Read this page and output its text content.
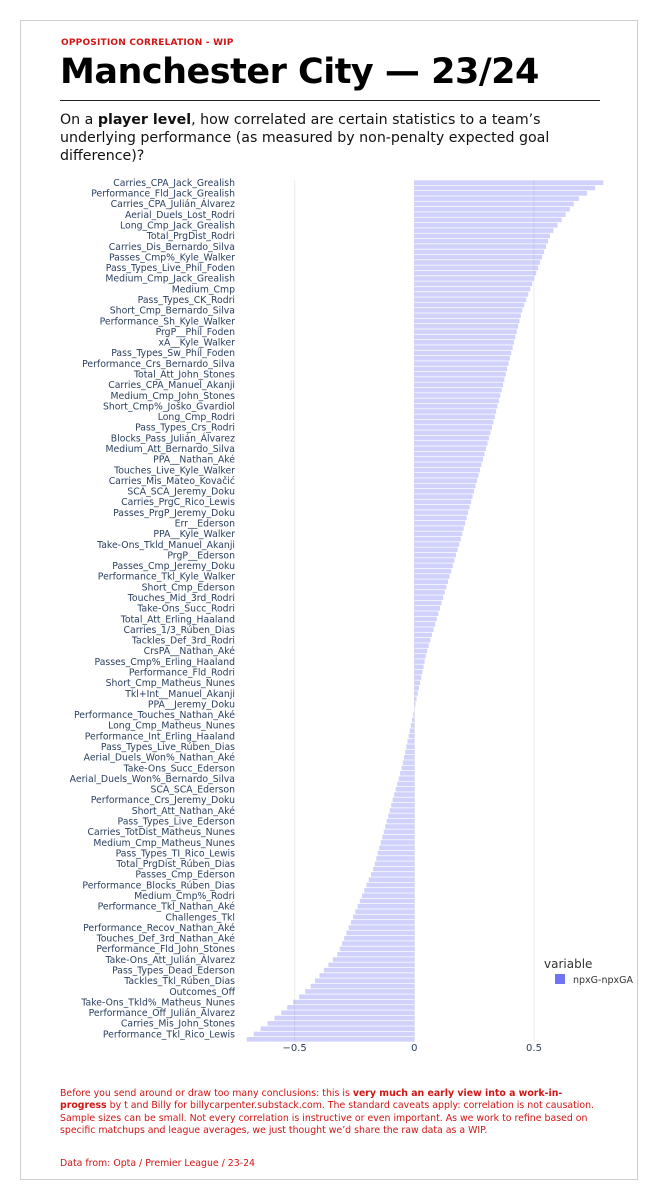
OPPOSITION CORRELATION - WIP
Manchester City — 23/24
On a player level, how correlated are certain statistics to a team’s underlying performance (as measured by non-penalty expected goal difference)?
Carries_CPA_Jack_Grealish
Performance_Fld_Jack_Grealish
Carries_CPA_Julián_Álvarez
Aerial_Duels_Lost_Rodri
Long_Cmp_Jack_Grealish
Total_PrgDist_Rodri
Carries_Dis_Bernardo_Silva
Passes_Cmp%_Kyle_Walker
Pass_Types_Live_Phil_Foden
Medium_Cmp_Jack_Grealish
Medium_Cmp
Pass_Types_CK_Rodri
Short_Cmp_Bernardo_Silva
Performance_Sh_Kyle_Walker
PrgP__Phil_Foden
xA__Kyle_Walker
Pass_Types_Sw_Phil_Foden
Performance_Crs_Bernardo_Silva
Total_Att_John_Stones
Carries_CPA_Manuel_Akanji
Medium_Cmp_John_Stones
Short_Cmp%_Joško_Gvardiol
Long_Cmp_Rodri
Pass_Types_Crs_Rodri
Blocks_Pass_Julián_Álvarez
Medium_Att_Bernardo_Silva
PPA__Nathan_Aké
Touches_Live_Kyle_Walker
Carries_Mis_Mateo_Kovačić
SCA_SCA_Jeremy_Doku
Carries_PrgC_Rico_Lewis
Passes_PrgP_Jeremy_Doku
Err__Ederson
PPA__Kyle_Walker
Take-Ons_Tkld_Manuel_Akanji
PrgP__Ederson
Passes_Cmp_Jeremy_Doku
Performance_Tkl_Kyle_Walker
Short_Cmp_Ederson
Touches_Mid_3rd_Rodri
Take-Ons_Succ_Rodri
Total_Att_Erling_Haaland
Carries_1/3_Rúben_Dias
Tackles_Def_3rd_Rodri
CrsPA__Nathan_Aké
Passes_Cmp%_Erling_Haaland
Performance_Fld_Rodri
Short_Cmp_Matheus_Nunes
Tkl+Int__Manuel_Akanji
PPA__Jeremy_Doku
Performance_Touches_Nathan_Aké
Long_Cmp_Matheus_Nunes
Performance_Int_Erling_Haaland
Pass_Types_Live_Rúben_Dias
Aerial_Duels_Won%_Nathan_Aké
Take-Ons_Succ_Ederson
Aerial_Duels_Won%_Bernardo_Silva
SCA_SCA_Ederson
Performance_Crs_Jeremy_Doku
Short_Att_Nathan_Aké
Pass_Types_Live_Ederson
Carries_TotDist_Matheus_Nunes
Medium_Cmp_Matheus_Nunes
Pass_Types_TI_Rico_Lewis
Total_PrgDist_Rúben_Dias
Passes_Cmp_Ederson
Performance_Blocks_Rúben_Dias
Medium_Cmp%_Rodri
Performance_Tkl_Nathan_Aké
Challenges_Tkl
Performance_Recov_Nathan_Aké
Touches_Def_3rd_Nathan_Aké
Performance_Fld_John_Stones
Take-Ons_Att_Julián_Álvarez
Pass_Types_Dead_Ederson
Tackles_Tkl_Rúben_Dias
Outcomes_Off
Take-Ons_Tkld%_Matheus_Nunes
Performance_Off_Julián_Álvarez
Carries_Mis_John_Stones
Performance_Tkl_Rico_Lewis
−0.5	0	0.5
variable
npxG-npxGA
Before you send around or draw too many conclusions: this is very much an early view into a work-in-progress by t and Billy for billycarpenter.substack.com. The standard caveats apply: correlation is not causation. Sample sizes can be small. Not every correlation is instructive or even important. As we work to refine based on specific matchups and league averages, we just thought we’d share the raw data as a WIP.
Data from: Opta / Premier League / 23-24
